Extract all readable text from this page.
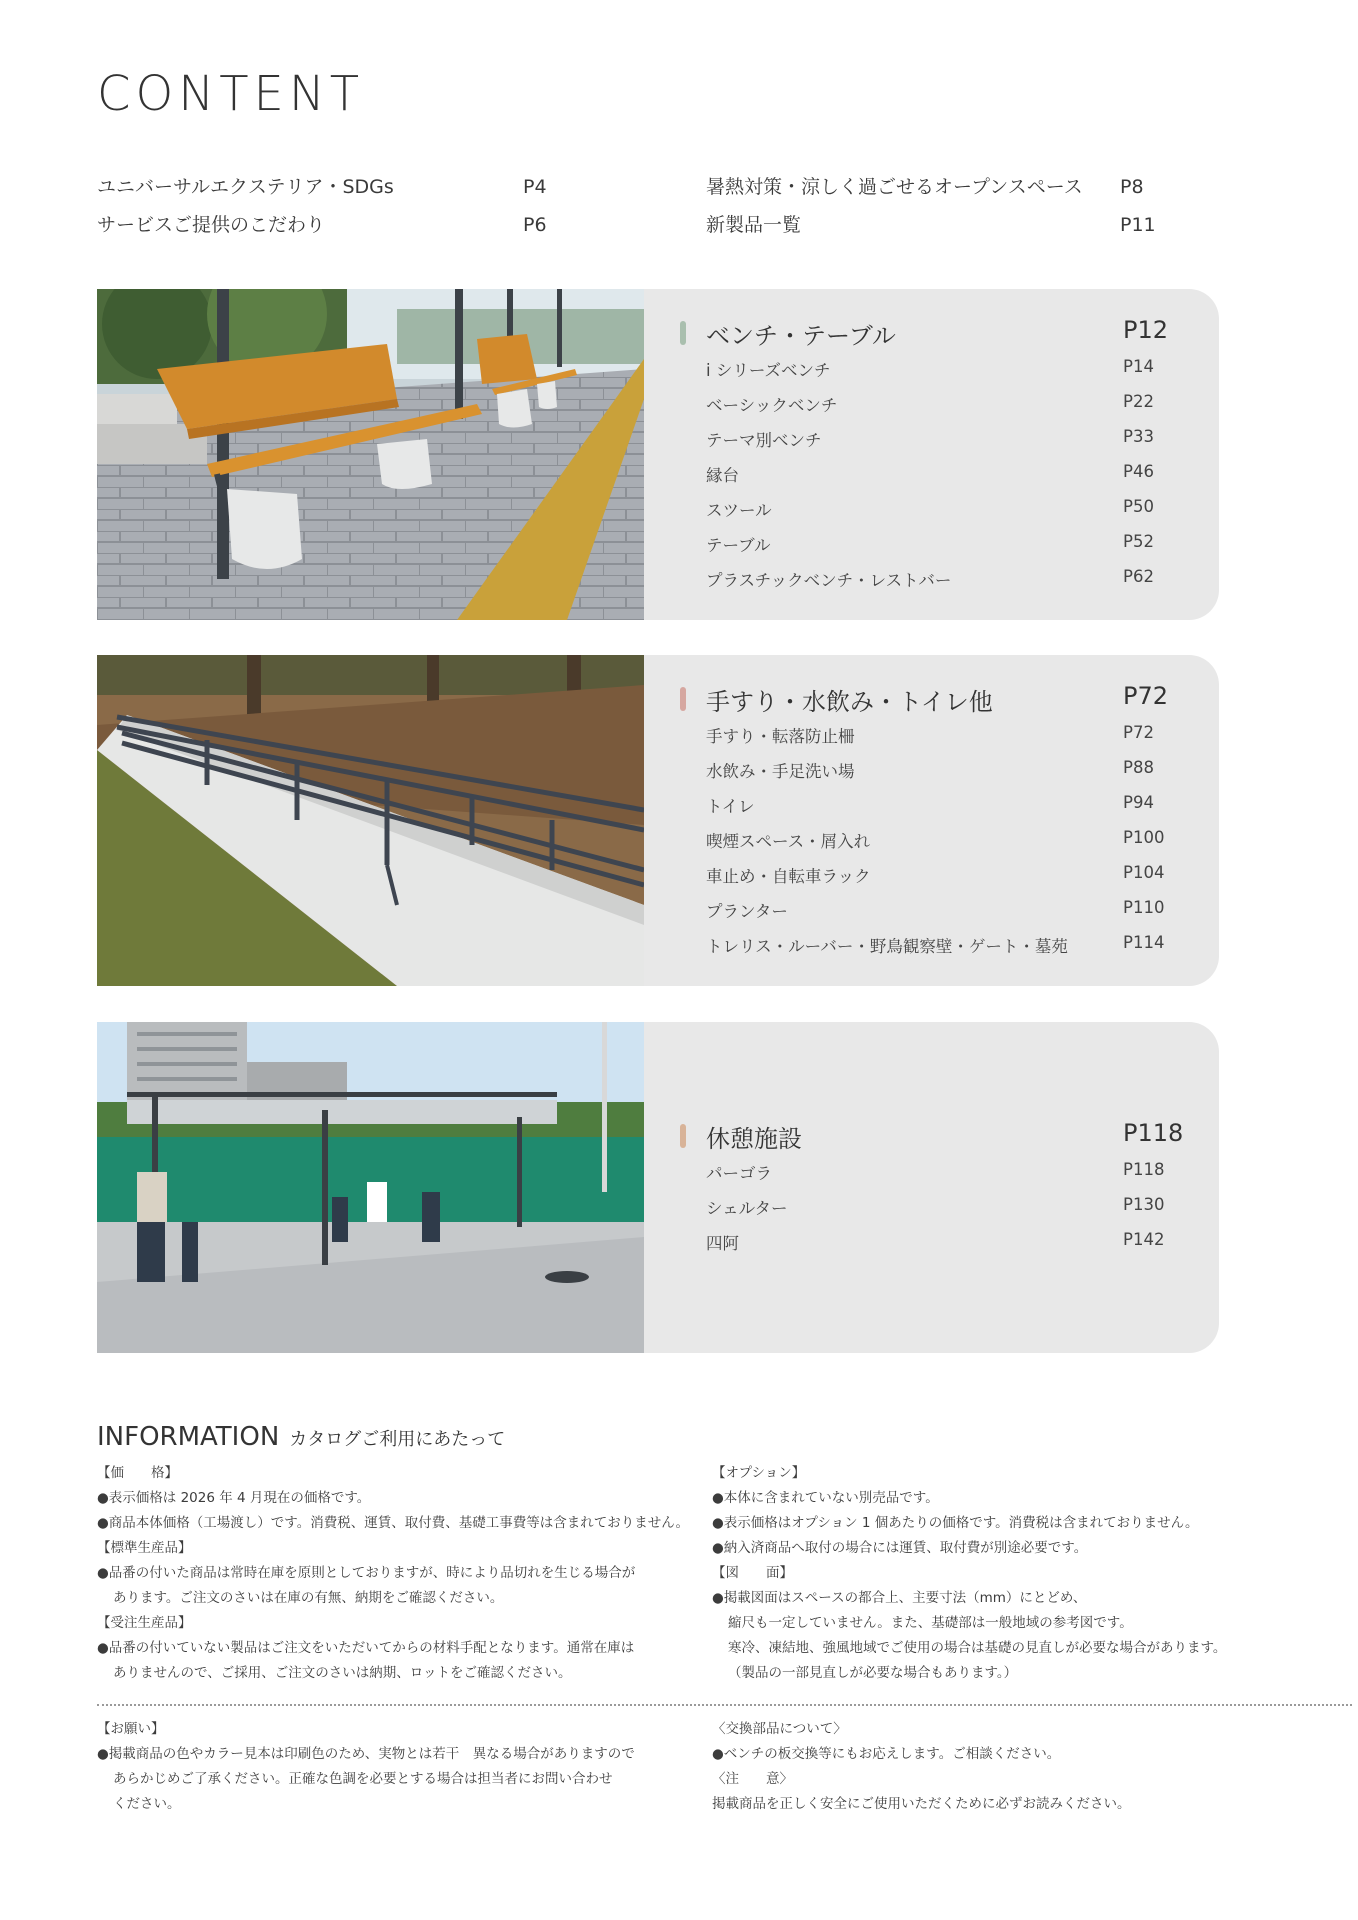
CONTENT
ユニバーサルエクステリア・SDGs	P4
サービスご提供のこだわり	P6
暑熱対策・涼しく過ごせるオープンスペース P8
新製品一覧	P11
ベンチ・テーブル	P12
i シリーズベンチ	P14
ベーシックベンチ	P22
テーマ別ベンチ	P33
縁台	P46
スツール	P50
テーブル	P52
プラスチックベンチ・レストバー	P62
手すり・水飲み・トイレ他	P72
手すり・転落防止柵	P72
水飲み・手足洗い場	P88
トイレ	P94
喫煙スペース・屑入れ	P100
車止め・自転車ラック	P104
プランター	P110
トレリス・ルーバー・野鳥観察壁・ゲート・墓苑	P114
休憩施設	P118
パーゴラ	P118
シェルター	P130
四阿	P142
INFORMATION カタログご利用にあたって
【価　　格】
●表示価格は 2026 年 4 月現在の価格です。
●商品本体価格（工場渡し）です。消費税、運賃、取付費、基礎工事費等は含まれておりません。
【標準生産品】
●品番の付いた商品は常時在庫を原則としておりますが、時により品切れを生じる場合が
あります。ご注文のさいは在庫の有無、納期をご確認ください。
【受注生産品】
●品番の付いていない製品はご注文をいただいてからの材料手配となります。通常在庫は
ありませんので、ご採用、ご注文のさいは納期、ロットをご確認ください。
【オプション】
●本体に含まれていない別売品です。
●表示価格はオプション 1 個あたりの価格です。消費税は含まれておりません。
●納入済商品へ取付の場合には運賃、取付費が別途必要です。
【図　　面】
●掲載図面はスペースの都合上、主要寸法（mm）にとどめ、
縮尺も一定していません。また、基礎部は一般地域の参考図です。
寒冷、凍結地、強風地域でご使用の場合は基礎の見直しが必要な場合があります。
（製品の一部見直しが必要な場合もあります。）
【お願い】
●掲載商品の色やカラー見本は印刷色のため、実物とは若干　異なる場合がありますので
あらかじめご了承ください。正確な色調を必要とする場合は担当者にお問い合わせ
ください。
〈交換部品について〉
●ベンチの板交換等にもお応えします。ご相談ください。
〈注　　意〉
掲載商品を正しく安全にご使用いただくために必ずお読みください。
